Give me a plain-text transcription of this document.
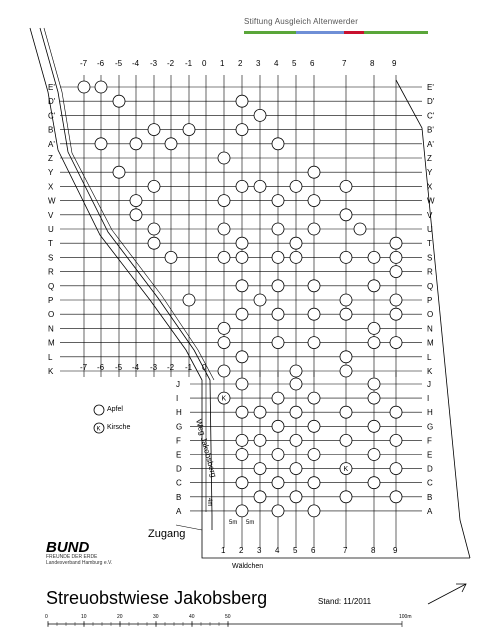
Stiftung Ausgleich Altenwerder
E'	E'
D'	D'
C'	C'
B'	B'
A'	A'
Z	Z
Y	Y
X	X
W	W
V	V
U	U
T	T
S	S
R	R
Q	Q
P	P
O	O
N	N
M	M
L	L
K	K
-7 -6 -5 -4 -3 -2 -1 0 1 2 3 4 5 6	7	8 9
-7 -6 -5 -4 -3 -2 -1 0
J	J
I	I
H	H
G	G
F	F
E	E
D	D
C	C
B	B
A	A
1 2 3 4 5 6	7	8 9
Weg Jakobsberg
4m
5m 5m
K
K
K
0	10	20	30	40	50	100m
Zugang
Wäldchen
BUND
FREUNDE DER ERDE
Landesverband Hamburg e.V.
Streuobstwiese Jakobsberg	Stand: 11/2011
Apfel
Kirsche
